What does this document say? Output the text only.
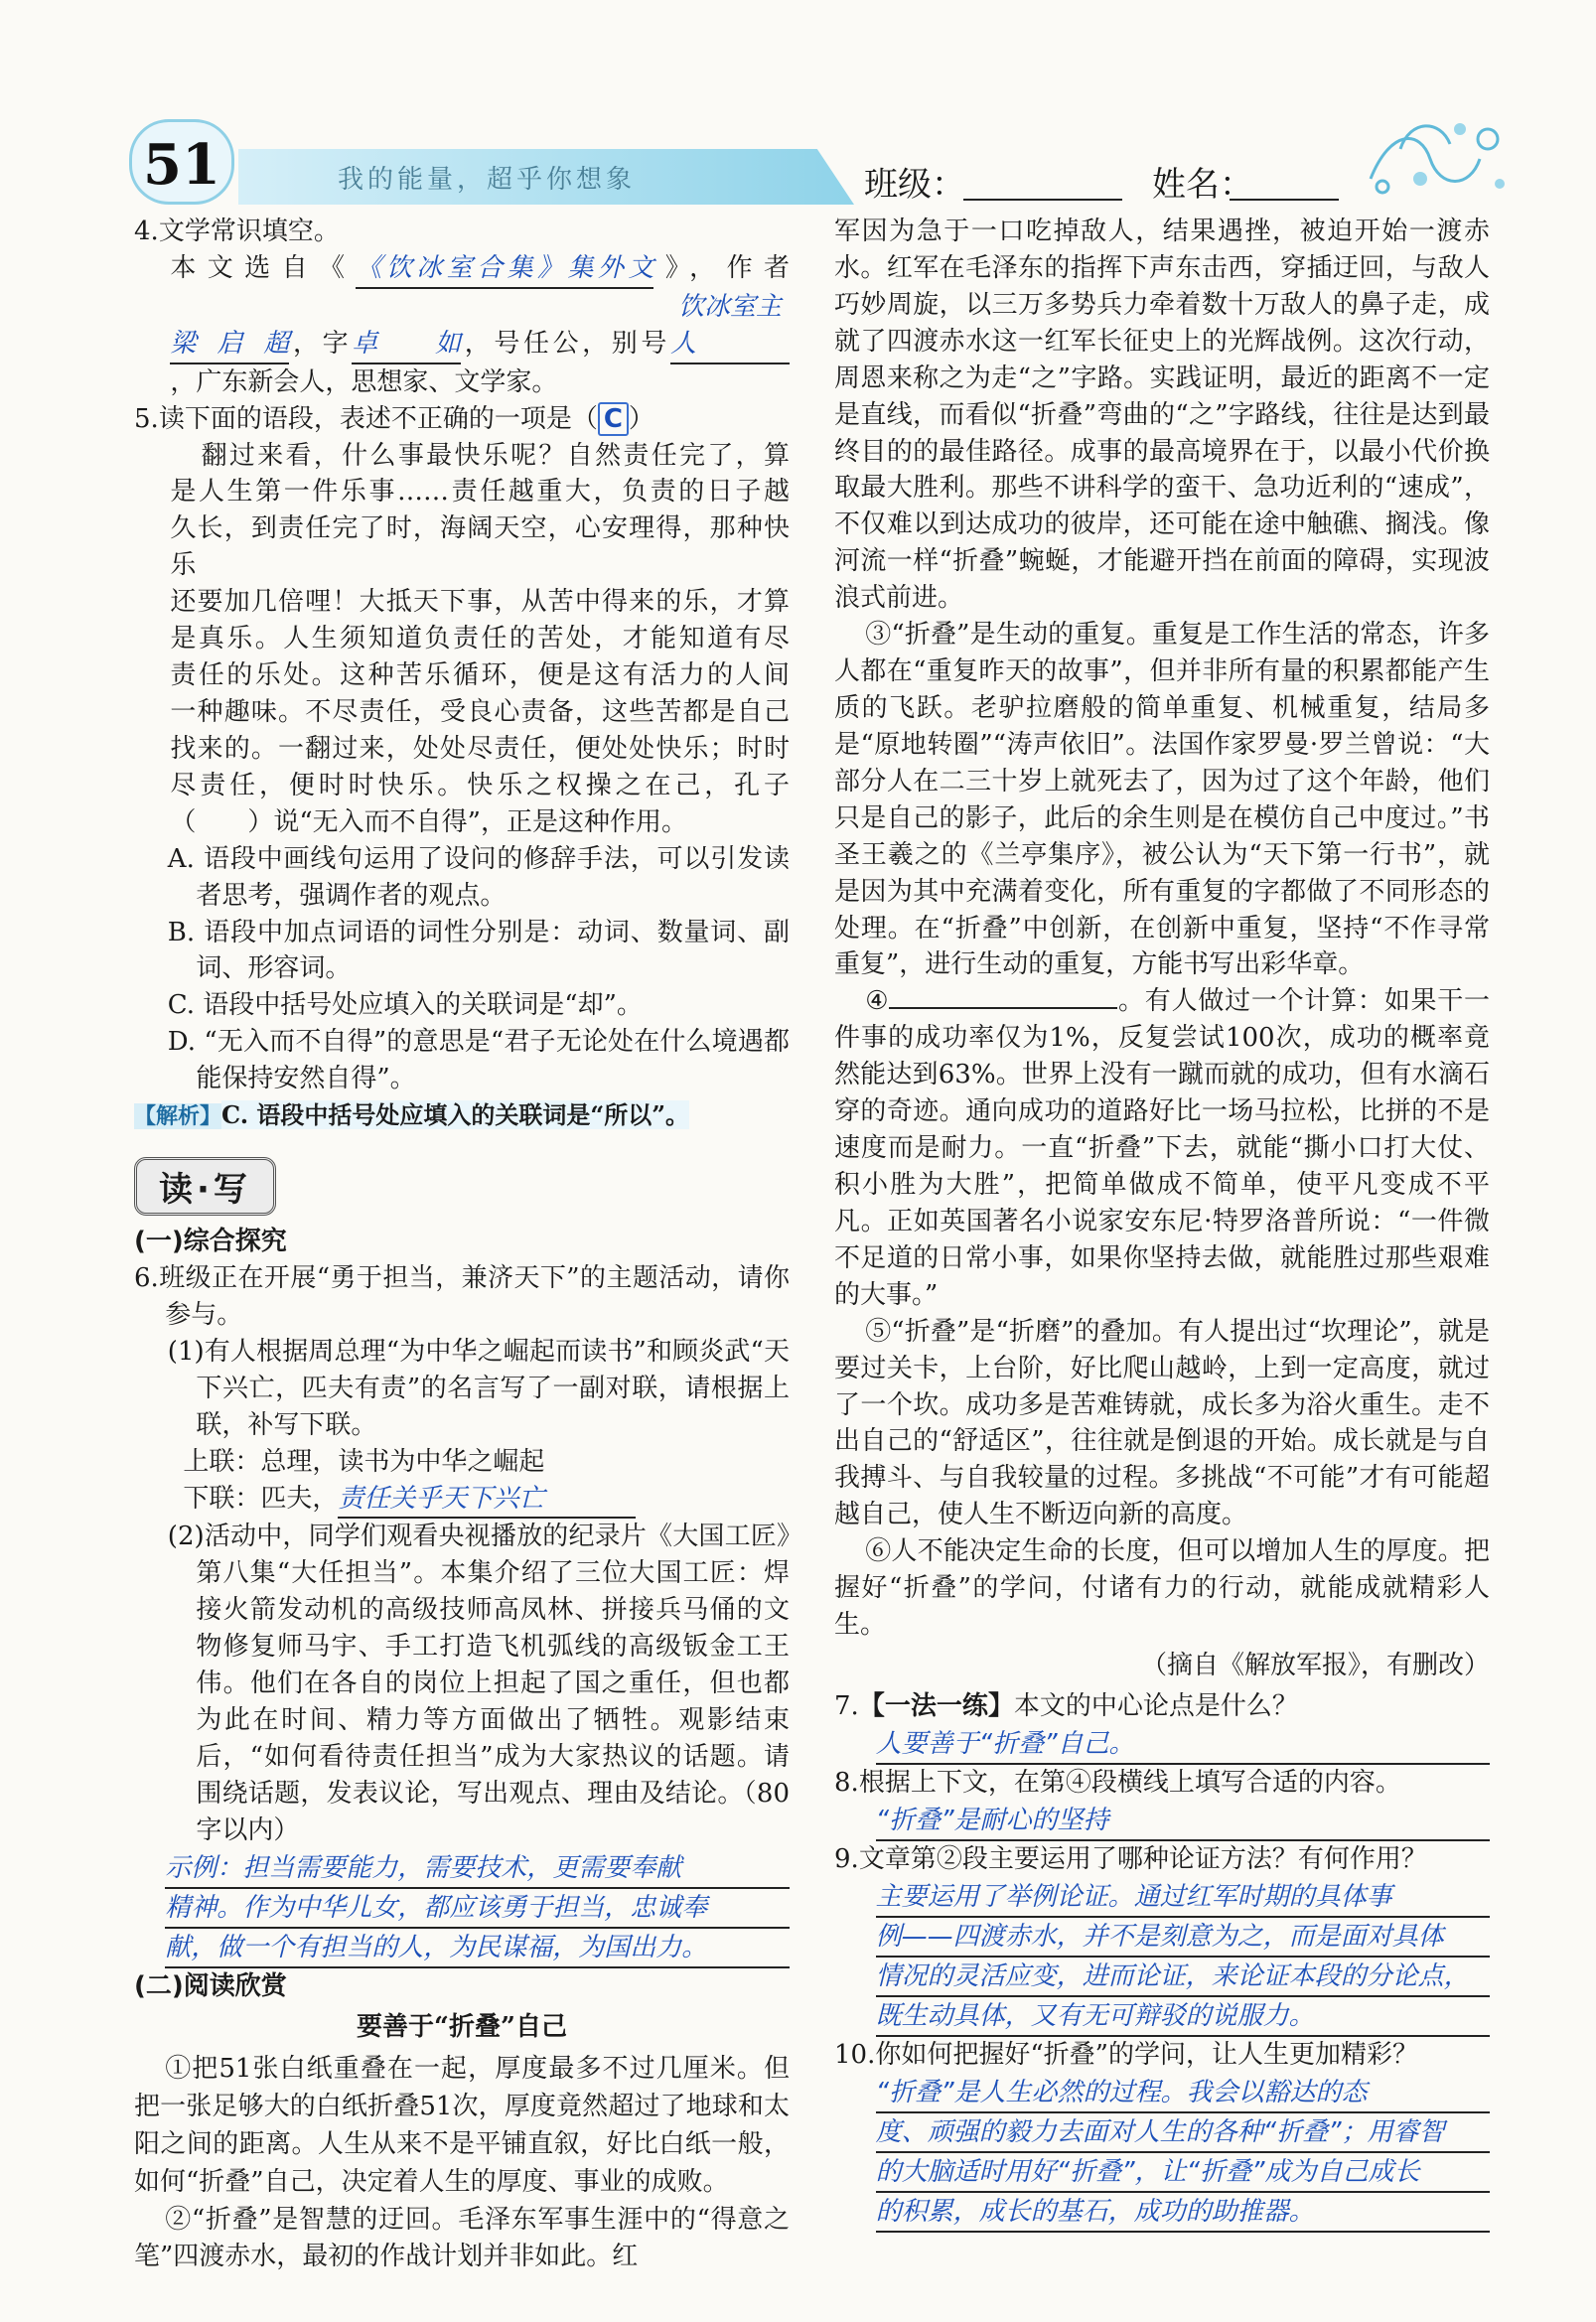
51	我的能量，超乎你想象	班级：	姓名：

4.文学常识填空。

本文选自《《饮冰室合集》集外文》，作者

梁启超，字卓如，号任公，别号饮冰室主人

，广东新会人，思想家、文学家。

5.读下面的语段，表述不正确的一项是（ C ）

翻过来看，什么事最快乐呢？自然责任完了，算

是人生第一件乐事……责任越重大，负责的日子越

久长，到责任完了时，海阔天空，心安理得，那种快乐

还要加几倍哩！大抵天下事，从苦中得来的乐，才算

是真乐。人生须知道负责任的苦处，才能知道有尽

责任的乐处。这种苦乐循环，便是这有活力的人间

一种趣味。不尽责任，受良心责备，这些苦都是自己

找来的。一翻过来，处处尽责任，便处处快乐；时时

尽责任，便时时快乐。快乐之权操之在己，孔子

（　　）说“无入而不自得”，正是这种作用。

A. 语段中画线句运用了设问的修辞手法，可以引发读者思考，强调作者的观点。

B. 语段中加点词语的词性分别是：动词、数量词、副词、形容词。

C. 语段中括号处应填入的关联词是“却”。

D. “无入而不自得”的意思是“君子无论处在什么境遇都能保持安然自得”。

【解析】C. 语段中括号处应填入的关联词是“所以”。

读·写

(一)综合探究

6.班级正在开展“勇于担当，兼济天下”的主题活动，请你参与。

(1)有人根据周总理“为中华之崛起而读书”和顾炎武“天下兴亡，匹夫有责”的名言写了一副对联，请根据上联，补写下联。

上联：总理，读书为中华之崛起

下联：匹夫，责任关乎天下兴亡

(2)活动中，同学们观看央视播放的纪录片《大国工匠》第八集“大任担当”。本集介绍了三位大国工匠：焊接火箭发动机的高级技师高凤林、拼接兵马俑的文物修复师马宇、手工打造飞机弧线的高级钣金工王伟。他们在各自的岗位上担起了国之重任，但也都为此在时间、精力等方面做出了牺牲。观影结束后，“如何看待责任担当”成为大家热议的话题。请围绕话题，发表议论，写出观点、理由及结论。（80字以内）

示例：担当需要能力，需要技术，更需要奉献
精神。作为中华儿女，都应该勇于担当，忠诚奉
献，做一个有担当的人，为民谋福，为国出力。

(二)阅读欣赏

要善于“折叠”自己

①把51张白纸重叠在一起，厚度最多不过几厘米。但把一张足够大的白纸折叠51次，厚度竟然超过了地球和太阳之间的距离。人生从来不是平铺直叙，好比白纸一般，如何“折叠”自己，决定着人生的厚度、事业的成败。

②“折叠”是智慧的迂回。毛泽东军事生涯中的“得意之笔”四渡赤水，最初的作战计划并非如此。红

军因为急于一口吃掉敌人，结果遇挫，被迫开始一渡赤水。红军在毛泽东的指挥下声东击西，穿插迂回，与敌人巧妙周旋，以三万多势兵力牵着数十万敌人的鼻子走，成就了四渡赤水这一红军长征史上的光辉战例。这次行动，周恩来称之为走“之”字路。实践证明，最近的距离不一定是直线，而看似“折叠”弯曲的“之”字路线，往往是达到最终目的的最佳路径。成事的最高境界在于，以最小代价换取最大胜利。那些不讲科学的蛮干、急功近利的“速成”，不仅难以到达成功的彼岸，还可能在途中触礁、搁浅。像河流一样“折叠”蜿蜒，才能避开挡在前面的障碍，实现波浪式前进。

③“折叠”是生动的重复。重复是工作生活的常态，许多人都在“重复昨天的故事”，但并非所有量的积累都能产生质的飞跃。老驴拉磨般的简单重复、机械重复，结局多是“原地转圈”“涛声依旧”。法国作家罗曼·罗兰曾说：“大部分人在二三十岁上就死去了，因为过了这个年龄，他们只是自己的影子，此后的余生则是在模仿自己中度过。”书圣王羲之的《兰亭集序》，被公认为“天下第一行书”，就是因为其中充满着变化，所有重复的字都做了不同形态的处理。在“折叠”中创新，在创新中重复，坚持“不作寻常重复”，进行生动的重复，方能书写出彩华章。

④	。有人做过一个计算：如果干一件事的成功率仅为1%，反复尝试100次，成功的概率竟然能达到63%。世界上没有一蹴而就的成功，但有水滴石穿的奇迹。通向成功的道路好比一场马拉松，比拼的不是速度而是耐力。一直“折叠”下去，就能“撕小口打大仗、积小胜为大胜”，把简单做成不简单，使平凡变成不平凡。正如英国著名小说家安东尼·特罗洛普所说：“一件微不足道的日常小事，如果你坚持去做，就能胜过那些艰难的大事。”

⑤“折叠”是“折磨”的叠加。有人提出过“坎理论”，就是要过关卡，上台阶，好比爬山越岭，上到一定高度，就过了一个坎。成功多是苦难铸就，成长多为浴火重生。走不出自己的“舒适区”，往往就是倒退的开始。成长就是与自我搏斗、与自我较量的过程。多挑战“不可能”才有可能超越自己，使人生不断迈向新的高度。

⑥人不能决定生命的长度，但可以增加人生的厚度。把握好“折叠”的学问，付诸有力的行动，就能成就精彩人生。

（摘自《解放军报》，有删改）

7.【一法一练】本文的中心论点是什么？

人要善于“折叠”自己。

8.根据上下文，在第④段横线上填写合适的内容。

“折叠”是耐心的坚持

9.文章第②段主要运用了哪种论证方法？有何作用？

主要运用了举例论证。通过红军时期的具体事
例——四渡赤水，并不是刻意为之，而是面对具体
情况的灵活应变，进而论证，来论证本段的分论点，
既生动具体，又有无可辩驳的说服力。

10.你如何把握好“折叠”的学问，让人生更加精彩？

“折叠”是人生必然的过程。我会以豁达的态
度、顽强的毅力去面对人生的各种“折叠”；用睿智
的大脑适时用好“折叠”，让“折叠”成为自己成长
的积累，成长的基石，成功的助推器。
